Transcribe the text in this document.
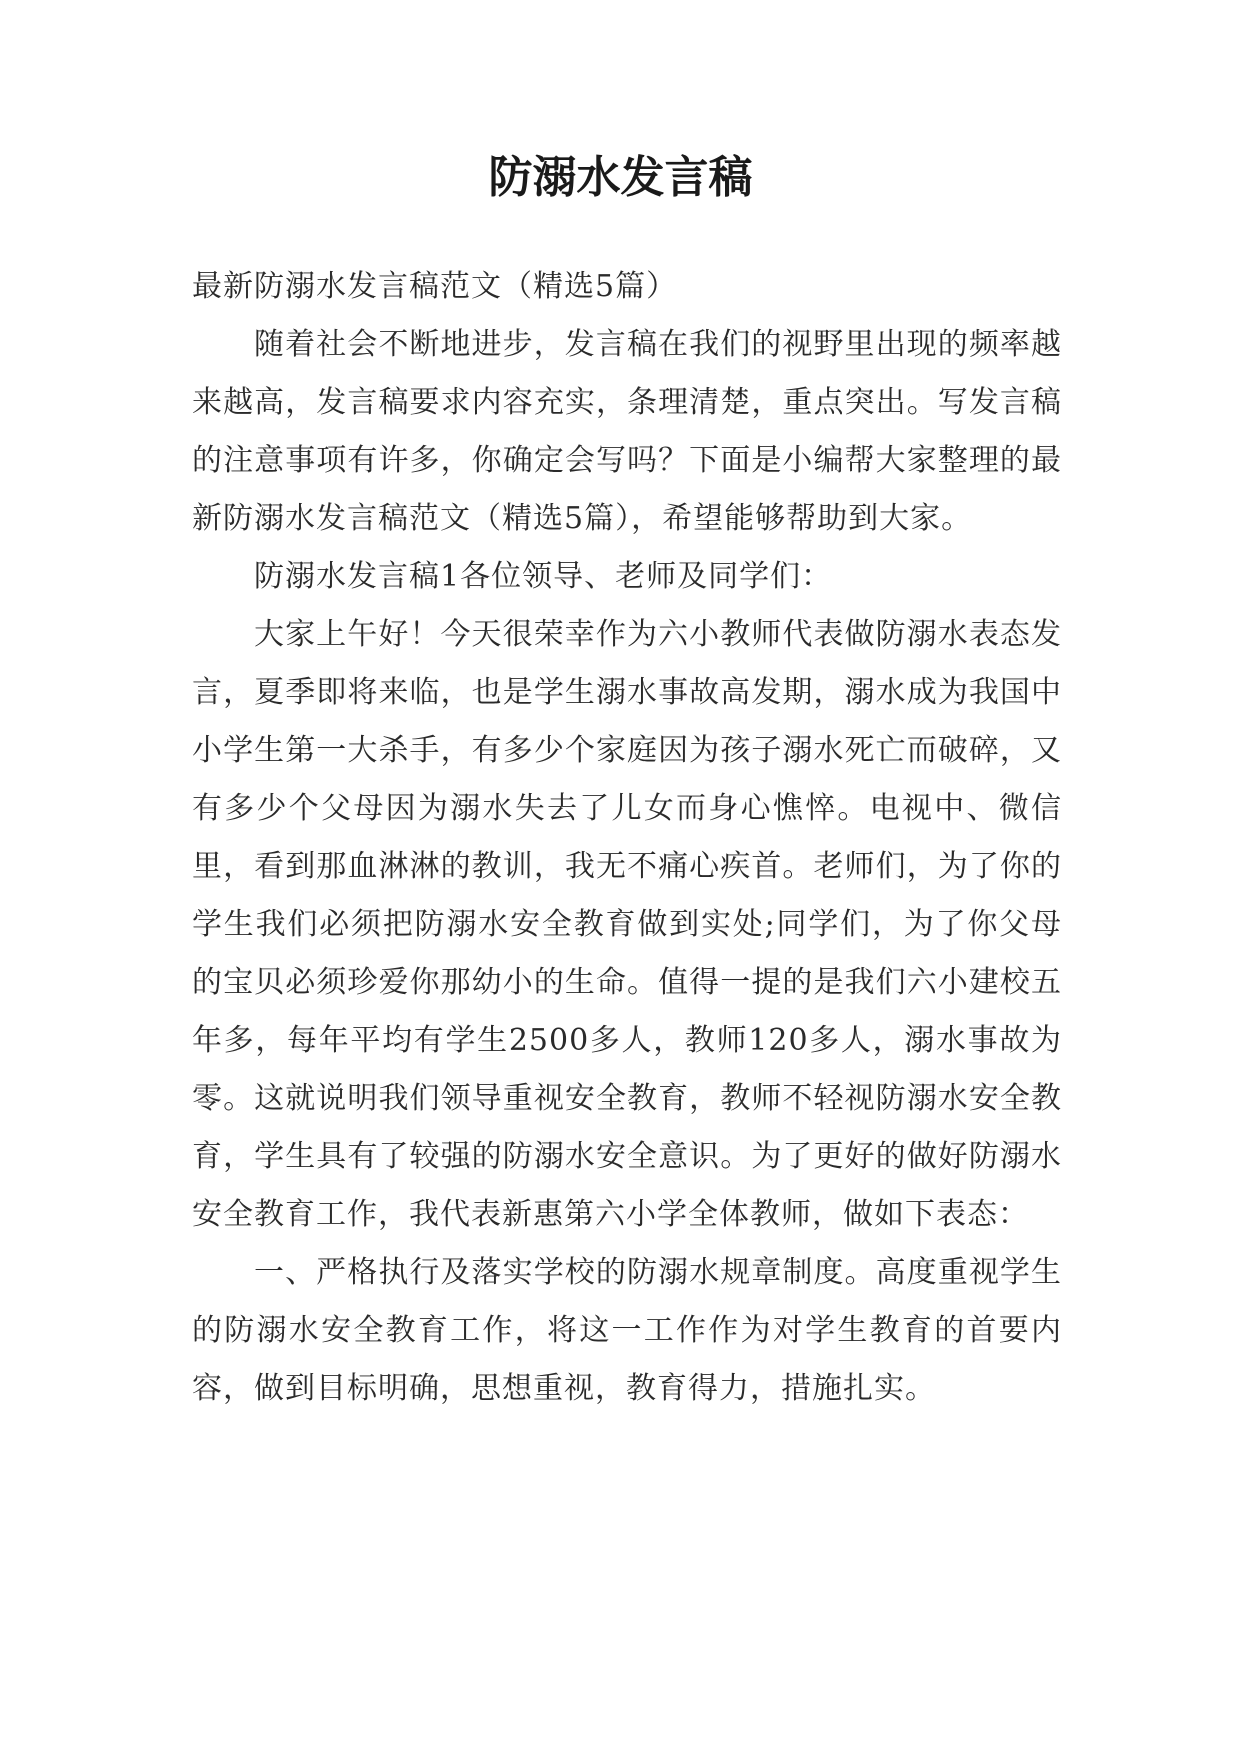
防溺水发言稿

最新防溺水发言稿范文（精选5篇）

随着社会不断地进步，发言稿在我们的视野里出现的频率越来越高，发言稿要求内容充实，条理清楚，重点突出。写发言稿的注意事项有许多，你确定会写吗？下面是小编帮大家整理的最新防溺水发言稿范文（精选5篇），希望能够帮助到大家。

防溺水发言稿1各位领导、老师及同学们：

大家上午好！今天很荣幸作为六小教师代表做防溺水表态发言，夏季即将来临，也是学生溺水事故高发期，溺水成为我国中小学生第一大杀手，有多少个家庭因为孩子溺水死亡而破碎，又有多少个父母因为溺水失去了儿女而身心憔悴。电视中、微信里，看到那血淋淋的教训，我无不痛心疾首。老师们，为了你的学生我们必须把防溺水安全教育做到实处;同学们，为了你父母的宝贝必须珍爱你那幼小的生命。值得一提的是我们六小建校五年多，每年平均有学生2500多人，教师120多人，溺水事故为零。这就说明我们领导重视安全教育，教师不轻视防溺水安全教育，学生具有了较强的防溺水安全意识。为了更好的做好防溺水安全教育工作，我代表新惠第六小学全体教师，做如下表态：

一、严格执行及落实学校的防溺水规章制度。高度重视学生的防溺水安全教育工作，将这一工作作为对学生教育的首要内容，做到目标明确，思想重视，教育得力，措施扎实。
